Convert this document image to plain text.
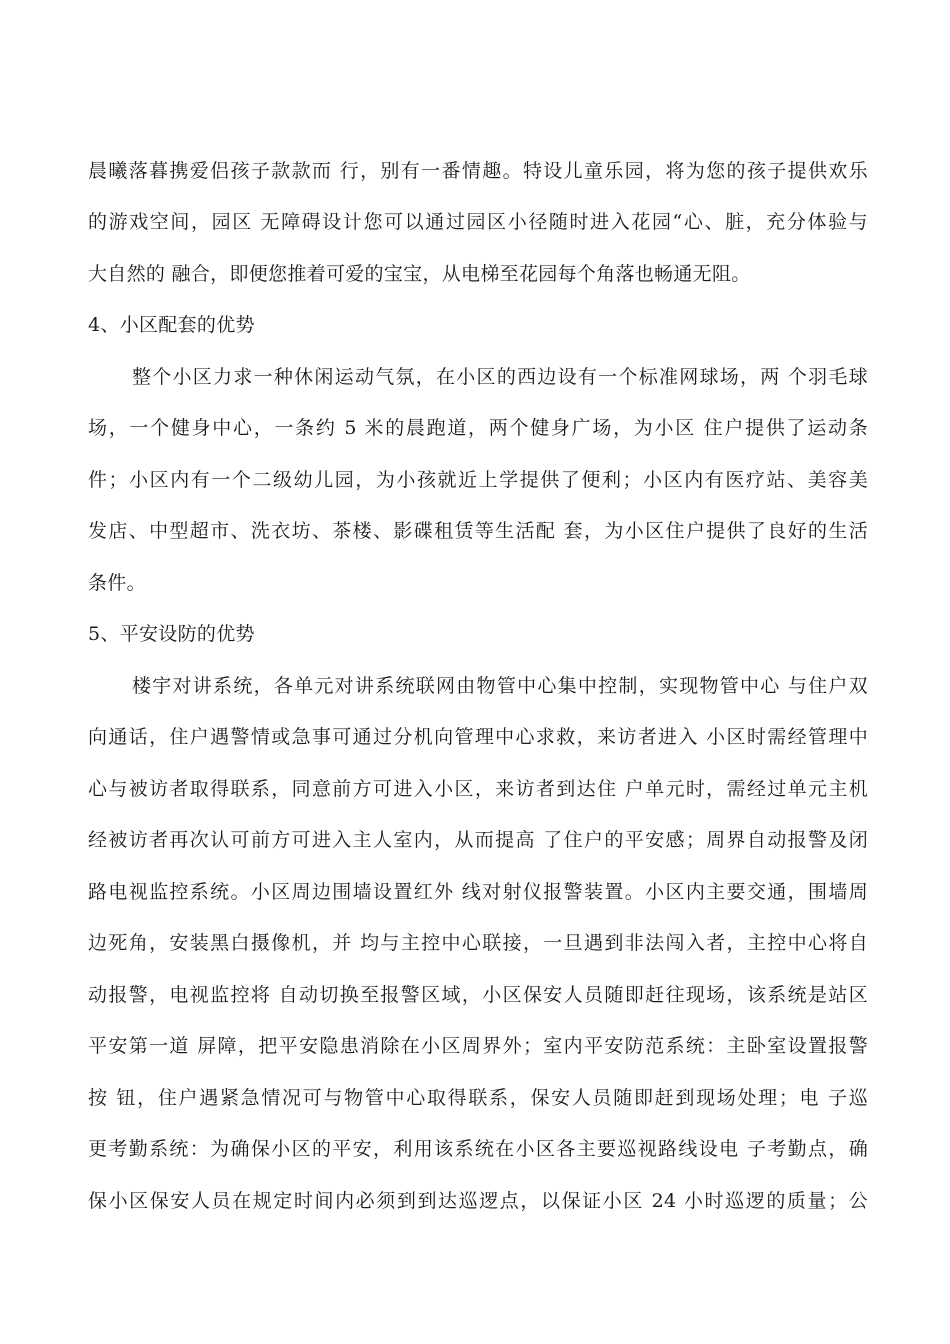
晨曦落暮携爱侣孩子款款而 行，别有一番情趣。特设儿童乐园，将为您的孩子提供欢乐
的游戏空间，园区 无障碍设计您可以通过园区小径随时进入花园“心、脏，充分体验与
大自然的 融合，即便您推着可爱的宝宝，从电梯至花园每个角落也畅通无阻。
4、小区配套的优势
整个小区力求一种休闲运动气氛，在小区的西边设有一个标准网球场，两 个羽毛球
场，一个健身中心，一条约 5 米的晨跑道，两个健身广场，为小区 住户提供了运动条
件；小区内有一个二级幼儿园，为小孩就近上学提供了便利；小区内有医疗站、美容美
发店、中型超市、洗衣坊、茶楼、影碟租赁等生活配 套，为小区住户提供了良好的生活
条件。
5、平安设防的优势
楼宇对讲系统，各单元对讲系统联网由物管中心集中控制，实现物管中心 与住户双
向通话，住户遇警情或急事可通过分机向管理中心求救，来访者进入 小区时需经管理中
心与被访者取得联系，同意前方可进入小区，来访者到达住 户单元时，需经过单元主机
经被访者再次认可前方可进入主人室内，从而提高 了住户的平安感；周界自动报警及闭
路电视监控系统。小区周边围墙设置红外 线对射仪报警装置。小区内主要交通，围墙周
边死角，安装黑白摄像机，并 均与主控中心联接，一旦遇到非法闯入者，主控中心将自
动报警，电视监控将 自动切换至报警区域，小区保安人员随即赶往现场，该系统是站区
平安第一道 屏障，把平安隐患消除在小区周界外；室内平安防范系统：主卧室设置报警
按 钮，住户遇紧急情况可与物管中心取得联系，保安人员随即赶到现场处理；电 子巡
更考勤系统：为确保小区的平安，利用该系统在小区各主要巡视路线设电 子考勤点，确
保小区保安人员在规定时间内必须到到达巡逻点，以保证小区 24 小时巡逻的质量；公
